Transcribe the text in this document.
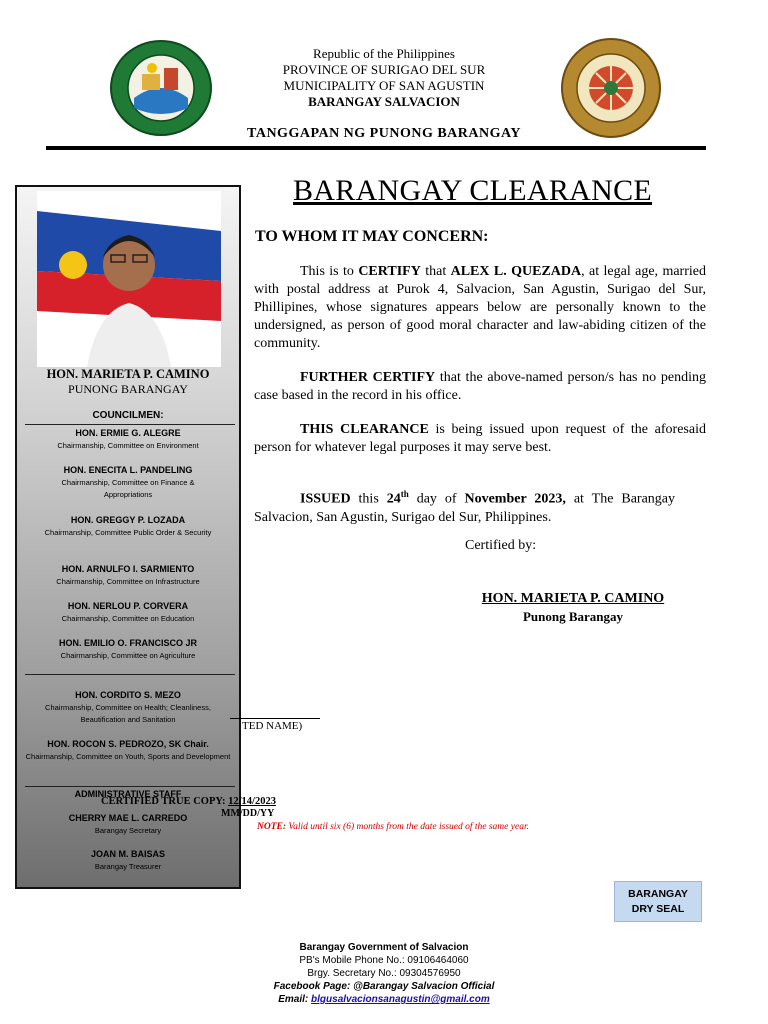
Republic of the Philippines
PROVINCE OF SURIGAO DEL SUR
MUNICIPALITY OF SAN AGUSTIN
BARANGAY SALVACION
TANGGAPAN NG PUNONG BARANGAY
HON. MARIETA P. CAMINO
PUNONG BARANGAY
COUNCILMEN:
HON. ERMIE G. ALEGRE
Chairmanship, Committee on Environment
HON. ENECITA L. PANDELING
Chairmanship, Committee on Finance & Appropriations
HON. GREGGY P. LOZADA
Chairmanship, Committee Public Order & Security
HON. ARNULFO I. SARMIENTO
Chairmanship, Committee on Infrastructure
HON. NERLOU P. CORVERA
Chairmanship, Committee on Education
HON. EMILIO O. FRANCISCO JR
Chairmanship, Committee on Agriculture
HON. CORDITO S. MEZO
Chairmanship, Committee on Health; Cleanliness, Beautification and Sanitation
HON. ROCON S. PEDROZO, SK Chair.
Chairmanship, Committee on Youth, Sports and Development
ADMINISTRATIVE STAFF
CHERRY MAE L. CARREDO
Barangay Secretary
JOAN M. BAISAS
Barangay Treasurer
BARANGAY CLEARANCE
TO WHOM IT MAY CONCERN:
This is to CERTIFY that ALEX L. QUEZADA, at legal age, married with postal address at Purok 4, Salvacion, San Agustin, Surigao del Sur, Phillipines, whose signatures appears below are personally known to the undersigned, as person of good moral character and law-abiding citizen of the community.
FURTHER CERTIFY that the above-named person/s has no pending case based in the record in his office.
THIS CLEARANCE is being issued upon request of the aforesaid person for whatever legal purposes it may serve best.
ISSUED this 24th day of November 2023, at The Barangay Salvacion, San Agustin, Surigao del Sur, Philippines.
Certified by:
HON. MARIETA P. CAMINO
Punong Barangay
TED NAME)
CERTIFIED TRUE COPY: 12/14/2023
MM/DD/YY
NOTE: Valid until six (6) months from the date issued of the same year.
BARANGAY
DRY SEAL
Barangay Government of Salvacion
PB's Mobile Phone No.: 09106464060
Brgy. Secretary No.: 09304576950
Facebook Page: @Barangay Salvacion Official
Email: blgusalvacionsanagustin@gmail.com
